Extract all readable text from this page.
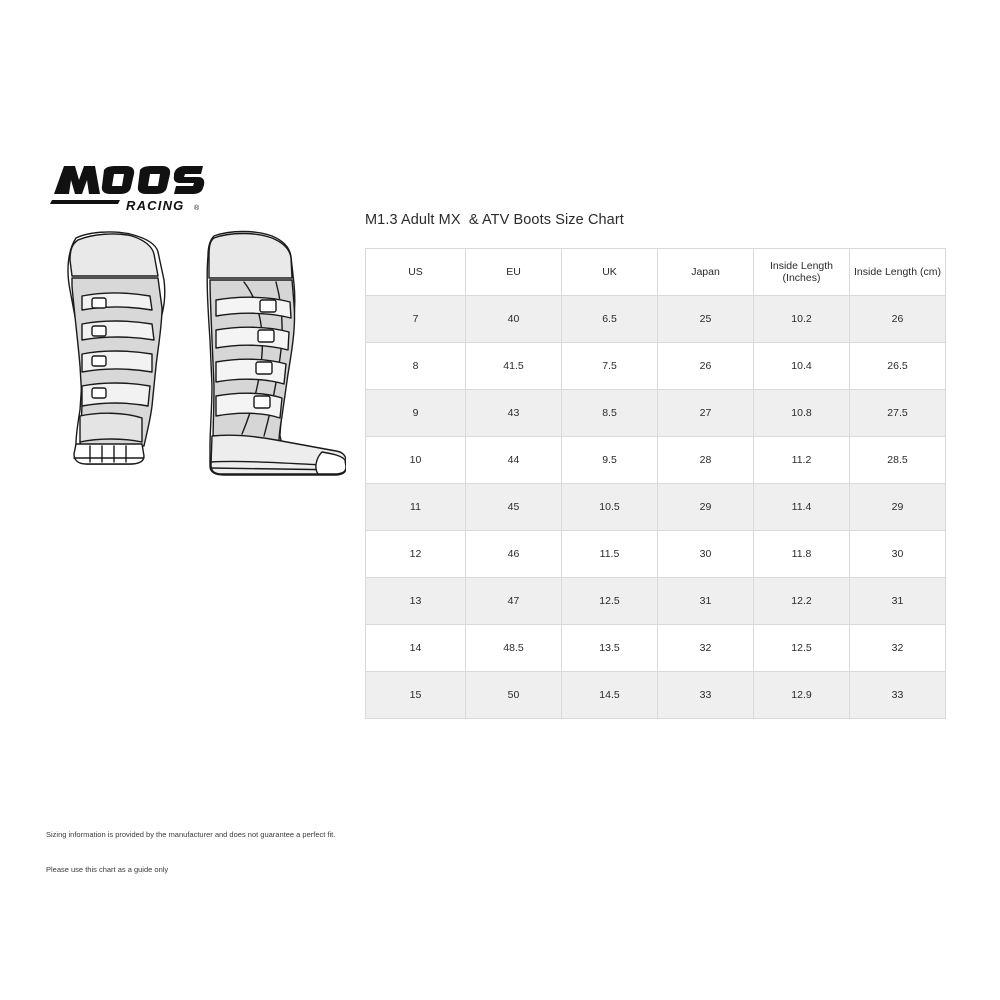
RACING ®
M1.3 Adult MX  & ATV Boots Size Chart
US	EU	UK	Japan	Inside Length (Inches)	Inside Length (cm)
7	40	6.5	25	10.2	26
8	41.5	7.5	26	10.4	26.5
9	43	8.5	27	10.8	27.5
10	44	9.5	28	11.2	28.5
11	45	10.5	29	11.4	29
12	46	11.5	30	11.8	30
13	47	12.5	31	12.2	31
14	48.5	13.5	32	12.5	32
15	50	14.5	33	12.9	33

Sizing information is provided by the manufacturer and does not guarantee a perfect fit.

Please use this chart as a guide only
